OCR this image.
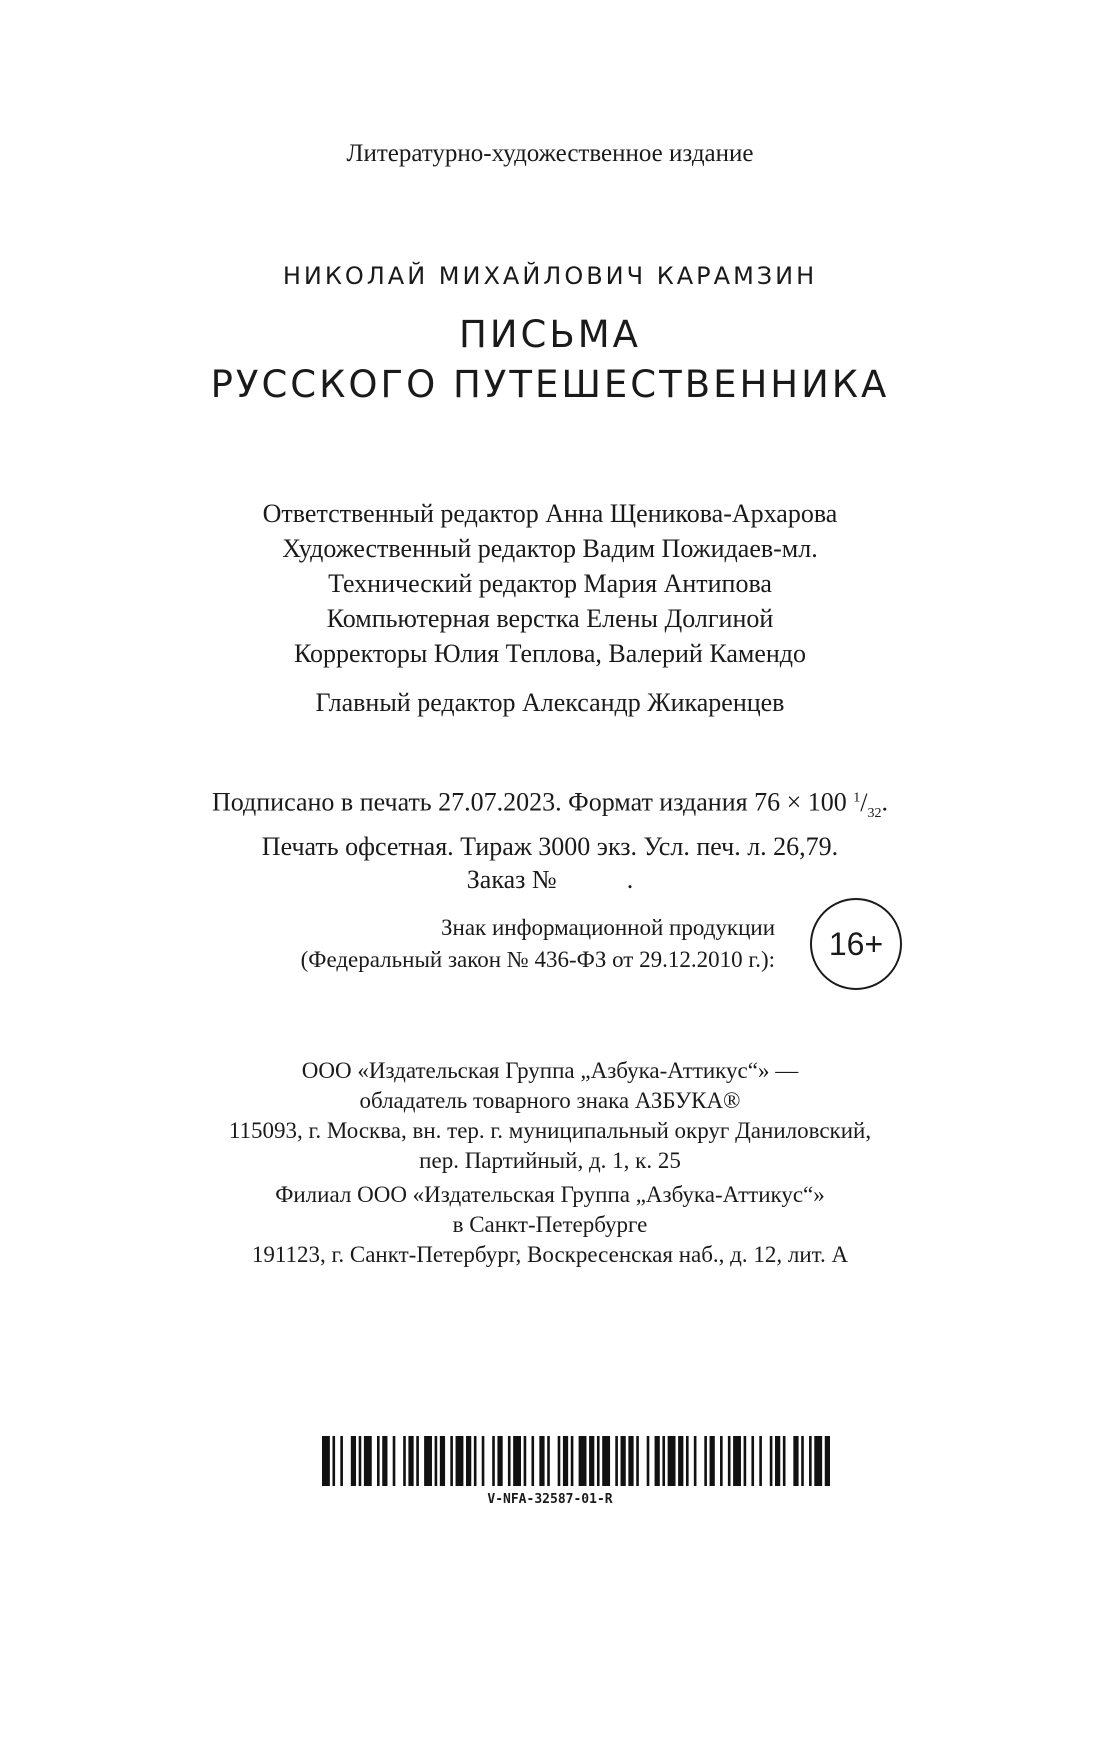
Литературно-художественное издание
НИКОЛАЙ МИХАЙЛОВИЧ КАРАМЗИН
ПИСЬМА
РУССКОГО ПУТЕШЕСТВЕННИКА
Ответственный редактор Анна Щеникова-Архарова
Художественный редактор Вадим Пожидаев-мл.
Технический редактор Мария Антипова
Компьютерная верстка Елены Долгиной
Корректоры Юлия Теплова, Валерий Камендо
Главный редактор Александр Жикаренцев
Подписано в печать 27.07.2023. Формат издания 76 × 100 $^1/_{32}$.
Печать офсетная. Тираж 3000 экз. Усл. печ. л. 26,79.
Заказ №	.
Знак информационной продукции
(Федеральный закон № 436-ФЗ от 29.12.2010 г.):	16+
ООО «Издательская Группа „Азбука-Аттикус“» —
обладатель товарного знака АЗБУКА®
115093, г. Москва, вн. тер. г. муниципальный округ Даниловский,
пер. Партийный, д. 1, к. 25
Филиал ООО «Издательская Группа „Азбука-Аттикус“»
в Санкт-Петербурге
191123, г. Санкт-Петербург, Воскресенская наб., д. 12, лит. А
V-NFA-32587-01-R
